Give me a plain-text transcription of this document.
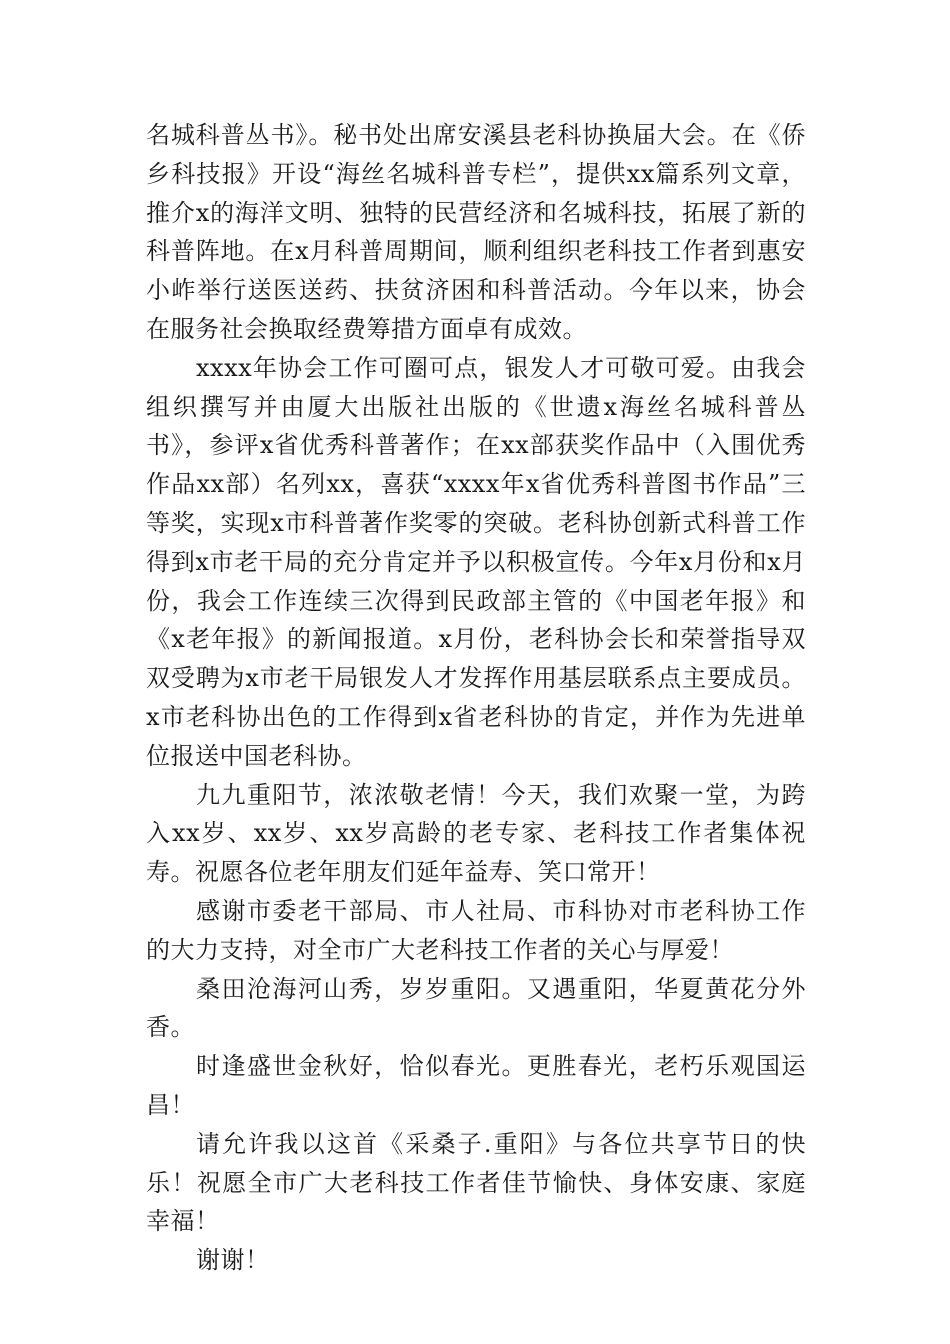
名城科普丛书》。秘书处出席安溪县老科协换届大会。在《侨乡科技报》开设“海丝名城科普专栏”，提供xx篇系列文章，推介x的海洋文明、独特的民营经济和名城科技，拓展了新的科普阵地。在x月科普周期间，顺利组织老科技工作者到惠安小岞举行送医送药、扶贫济困和科普活动。今年以来，协会在服务社会换取经费筹措方面卓有成效。

xxxx年协会工作可圈可点，银发人才可敬可爱。由我会组织撰写并由厦大出版社出版的《世遗x海丝名城科普丛书》，参评x省优秀科普著作；在xx部获奖作品中（入围优秀作品xx部）名列xx，喜获“xxxx年x省优秀科普图书作品”三等奖，实现x市科普著作奖零的突破。老科协创新式科普工作得到x市老干局的充分肯定并予以积极宣传。今年x月份和x月份，我会工作连续三次得到民政部主管的《中国老年报》和《x老年报》的新闻报道。x月份，老科协会长和荣誉指导双双受聘为x市老干局银发人才发挥作用基层联系点主要成员。x市老科协出色的工作得到x省老科协的肯定，并作为先进单位报送中国老科协。

九九重阳节，浓浓敬老情！今天，我们欢聚一堂，为跨入xx岁、xx岁、xx岁高龄的老专家、老科技工作者集体祝寿。祝愿各位老年朋友们延年益寿、笑口常开！

感谢市委老干部局、市人社局、市科协对市老科协工作的大力支持，对全市广大老科技工作者的关心与厚爱！

桑田沧海河山秀，岁岁重阳。又遇重阳，华夏黄花分外香。

时逢盛世金秋好，恰似春光。更胜春光，老朽乐观国运昌！

请允许我以这首《采桑子.重阳》与各位共享节日的快乐！祝愿全市广大老科技工作者佳节愉快、身体安康、家庭幸福！

谢谢！
